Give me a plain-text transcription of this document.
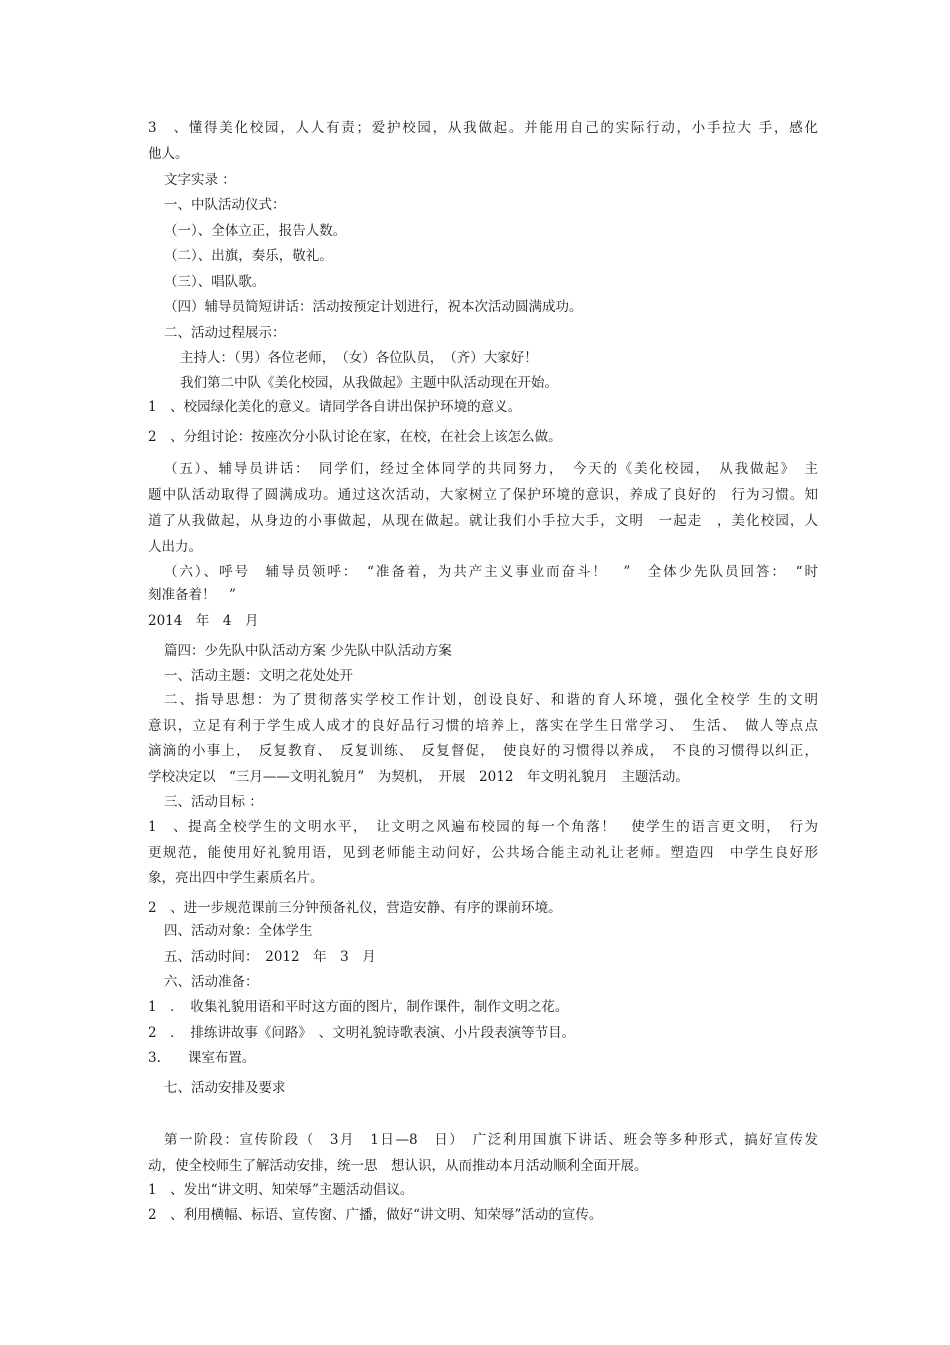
3　、懂得美化校园，人人有责；爱护校园，从我做起。并能用自己的实际行动，小手拉大 手，感化
他人。
文字实录 ：
一、中队活动仪式：
（一）、全体立正，报告人数。
（二）、出旗，奏乐，敬礼。
（三）、唱队歌。
（四）辅导员简短讲话：活动按预定计划进行，祝本次活动圆满成功。
二、活动过程展示：
主持人：（男）各位老师，　（女）各位队员，　（齐）大家好！
我们第二中队《美化校园，从我做起》主题中队活动现在开始。
1　、校园绿化美化的意义。请同学各自讲出保护环境的意义。
2　、分组讨论：按座次分小队讨论在家，在校，在社会上该怎么做。
（五）、辅导员讲话：　同学们，经过全体同学的共同努力，　今天的《美化校园，　从我做起》　主
题中队活动取得了圆满成功。通过这次活动，大家树立了保护环境的意识，养成了良好的　行为习惯。知
道了从我做起，从身边的小事做起，从现在做起。就让我们小手拉大手，文明　一起走　，美化校园，人
人出力。
（六）、呼号　辅导员领呼：　“准备着，为共产主义事业而奋斗！　”　全体少先队员回答：　“时
刻准备着！　”
2014　年　4　月
篇四：少先队中队活动方案 少先队中队活动方案
一、活动主题：文明之花处处开
二、指导思想：为了贯彻落实学校工作计划，创设良好、和谐的育人环境，强化全校学 生的文明
意识，立足有利于学生成人成才的良好品行习惯的培养上，落实在学生日常学习、　生活、　做人等点点
滴滴的小事上，　反复教育、　反复训练、　反复督促，　使良好的习惯得以养成，　不良的习惯得以纠正，
学校决定以　“三月——文明礼貌月”　为契机，　开展　2012　年文明礼貌月　主题活动。
三、活动目标 ：
1　、提高全校学生的文明水平，　让文明之风遍布校园的每一个角落！　使学生的语言更文明，　行为
更规范，能使用好礼貌用语，见到老师能主动问好，公共场合能主动礼让老师。塑造四　中学生良好形
象，亮出四中学生素质名片。
2　、进一步规范课前三分钟预备礼仪，营造安静、有序的课前环境。
四、活动对象：全体学生
五、活动时间：　2012　年　3　月
六、活动准备：
1　．　收集礼貌用语和平时这方面的图片，制作课件，制作文明之花。
2　．　排练讲故事《问路》　、文明礼貌诗歌表演、小片段表演等节目。
3.　　课室布置。
七、活动安排及要求
第一阶段：宣传阶段（　3月　1日—8　日）　广泛利用国旗下讲话、班会等多种形式，搞好宣传发
动，使全校师生了解活动安排，统一思　想认识，从而推动本月活动顺利全面开展。
1　、发出“讲文明、知荣辱”主题活动倡议。
2　、利用横幅、标语、宣传窗、广播，做好“讲文明、知荣辱”活动的宣传。
